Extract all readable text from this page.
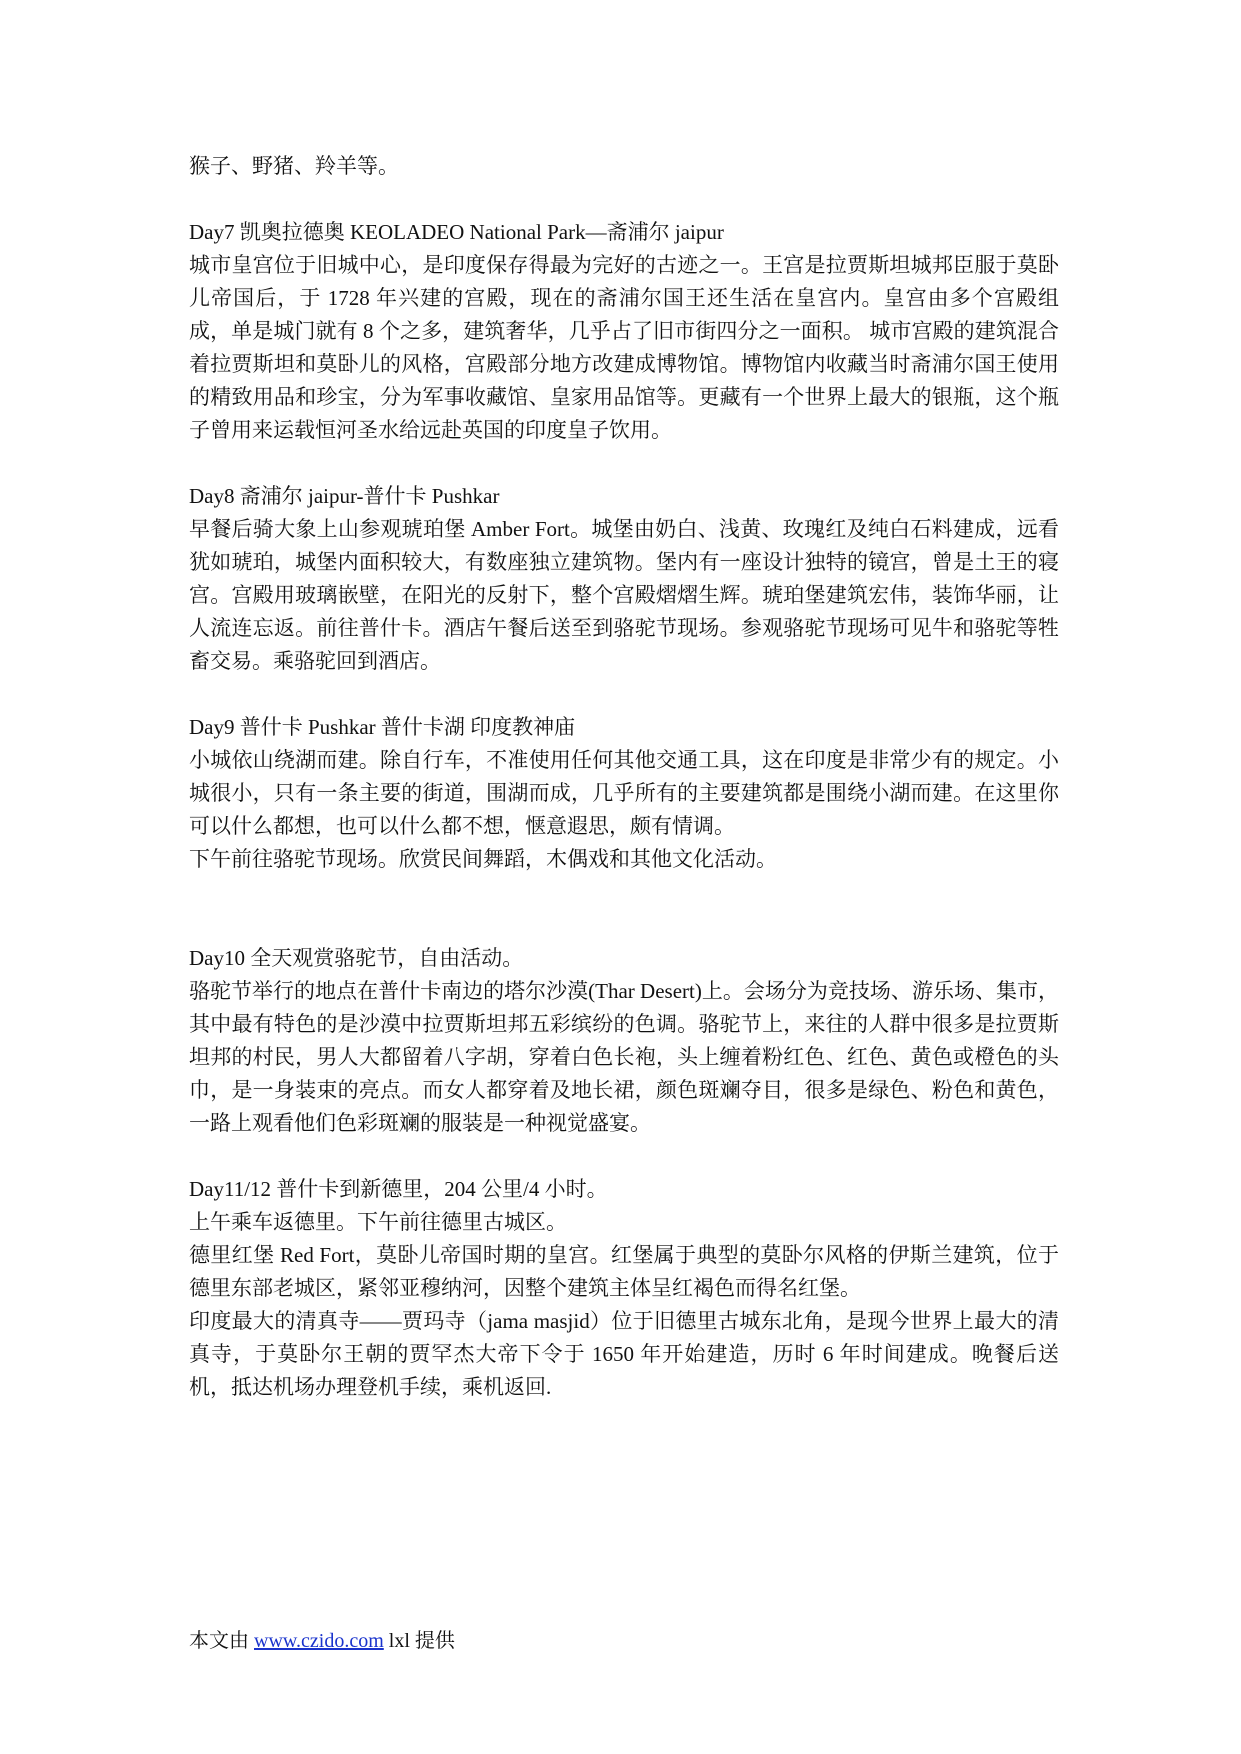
猴子、野猪、羚羊等。

Day7 凯奥拉德奥 KEOLADEO National Park—斋浦尔 jaipur

城市皇宫位于旧城中心，是印度保存得最为完好的古迹之一。王宫是拉贾斯坦城邦臣服于莫卧儿帝国后，于 1728 年兴建的宫殿，现在的斋浦尔国王还生活在皇宫内。皇宫由多个宫殿组成，单是城门就有 8 个之多，建筑奢华，几乎占了旧市街四分之一面积。 城市宫殿的建筑混合着拉贾斯坦和莫卧儿的风格，宫殿部分地方改建成博物馆。博物馆内收藏当时斋浦尔国王使用的精致用品和珍宝，分为军事收藏馆、皇家用品馆等。更藏有一个世界上最大的银瓶，这个瓶子曾用来运载恒河圣水给远赴英国的印度皇子饮用。

Day8 斋浦尔 jaipur-普什卡 Pushkar

早餐后骑大象上山参观琥珀堡 Amber Fort。城堡由奶白、浅黄、玫瑰红及纯白石料建成，远看犹如琥珀，城堡内面积较大，有数座独立建筑物。堡内有一座设计独特的镜宫，曾是土王的寝宫。宫殿用玻璃嵌壁，在阳光的反射下，整个宫殿熠熠生辉。琥珀堡建筑宏伟，装饰华丽，让人流连忘返。前往普什卡。酒店午餐后送至到骆驼节现场。参观骆驼节现场可见牛和骆驼等牲畜交易。乘骆驼回到酒店。

Day9 普什卡 Pushkar 普什卡湖 印度教神庙

小城依山绕湖而建。除自行车，不准使用任何其他交通工具，这在印度是非常少有的规定。小城很小，只有一条主要的街道，围湖而成，几乎所有的主要建筑都是围绕小湖而建。在这里你可以什么都想，也可以什么都不想，惬意遐思，颇有情调。

下午前往骆驼节现场。欣赏民间舞蹈，木偶戏和其他文化活动。

Day10 全天观赏骆驼节，自由活动。

骆驼节举行的地点在普什卡南边的塔尔沙漠(Thar Desert)上。会场分为竞技场、游乐场、集市，其中最有特色的是沙漠中拉贾斯坦邦五彩缤纷的色调。骆驼节上，来往的人群中很多是拉贾斯坦邦的村民，男人大都留着八字胡，穿着白色长袍，头上缠着粉红色、红色、黄色或橙色的头巾，是一身装束的亮点。而女人都穿着及地长裙，颜色斑斓夺目，很多是绿色、粉色和黄色，一路上观看他们色彩斑斓的服装是一种视觉盛宴。

Day11/12 普什卡到新德里，204 公里/4 小时。

上午乘车返德里。下午前往德里古城区。

德里红堡 Red Fort，莫卧儿帝国时期的皇宫。红堡属于典型的莫卧尔风格的伊斯兰建筑，位于德里东部老城区，紧邻亚穆纳河，因整个建筑主体呈红褐色而得名红堡。

印度最大的清真寺——贾玛寺（jama masjid）位于旧德里古城东北角，是现今世界上最大的清真寺，于莫卧尔王朝的贾罕杰大帝下令于 1650 年开始建造，历时 6 年时间建成。晚餐后送机，抵达机场办理登机手续，乘机返回.

本文由 www.czido.com lxl 提供
